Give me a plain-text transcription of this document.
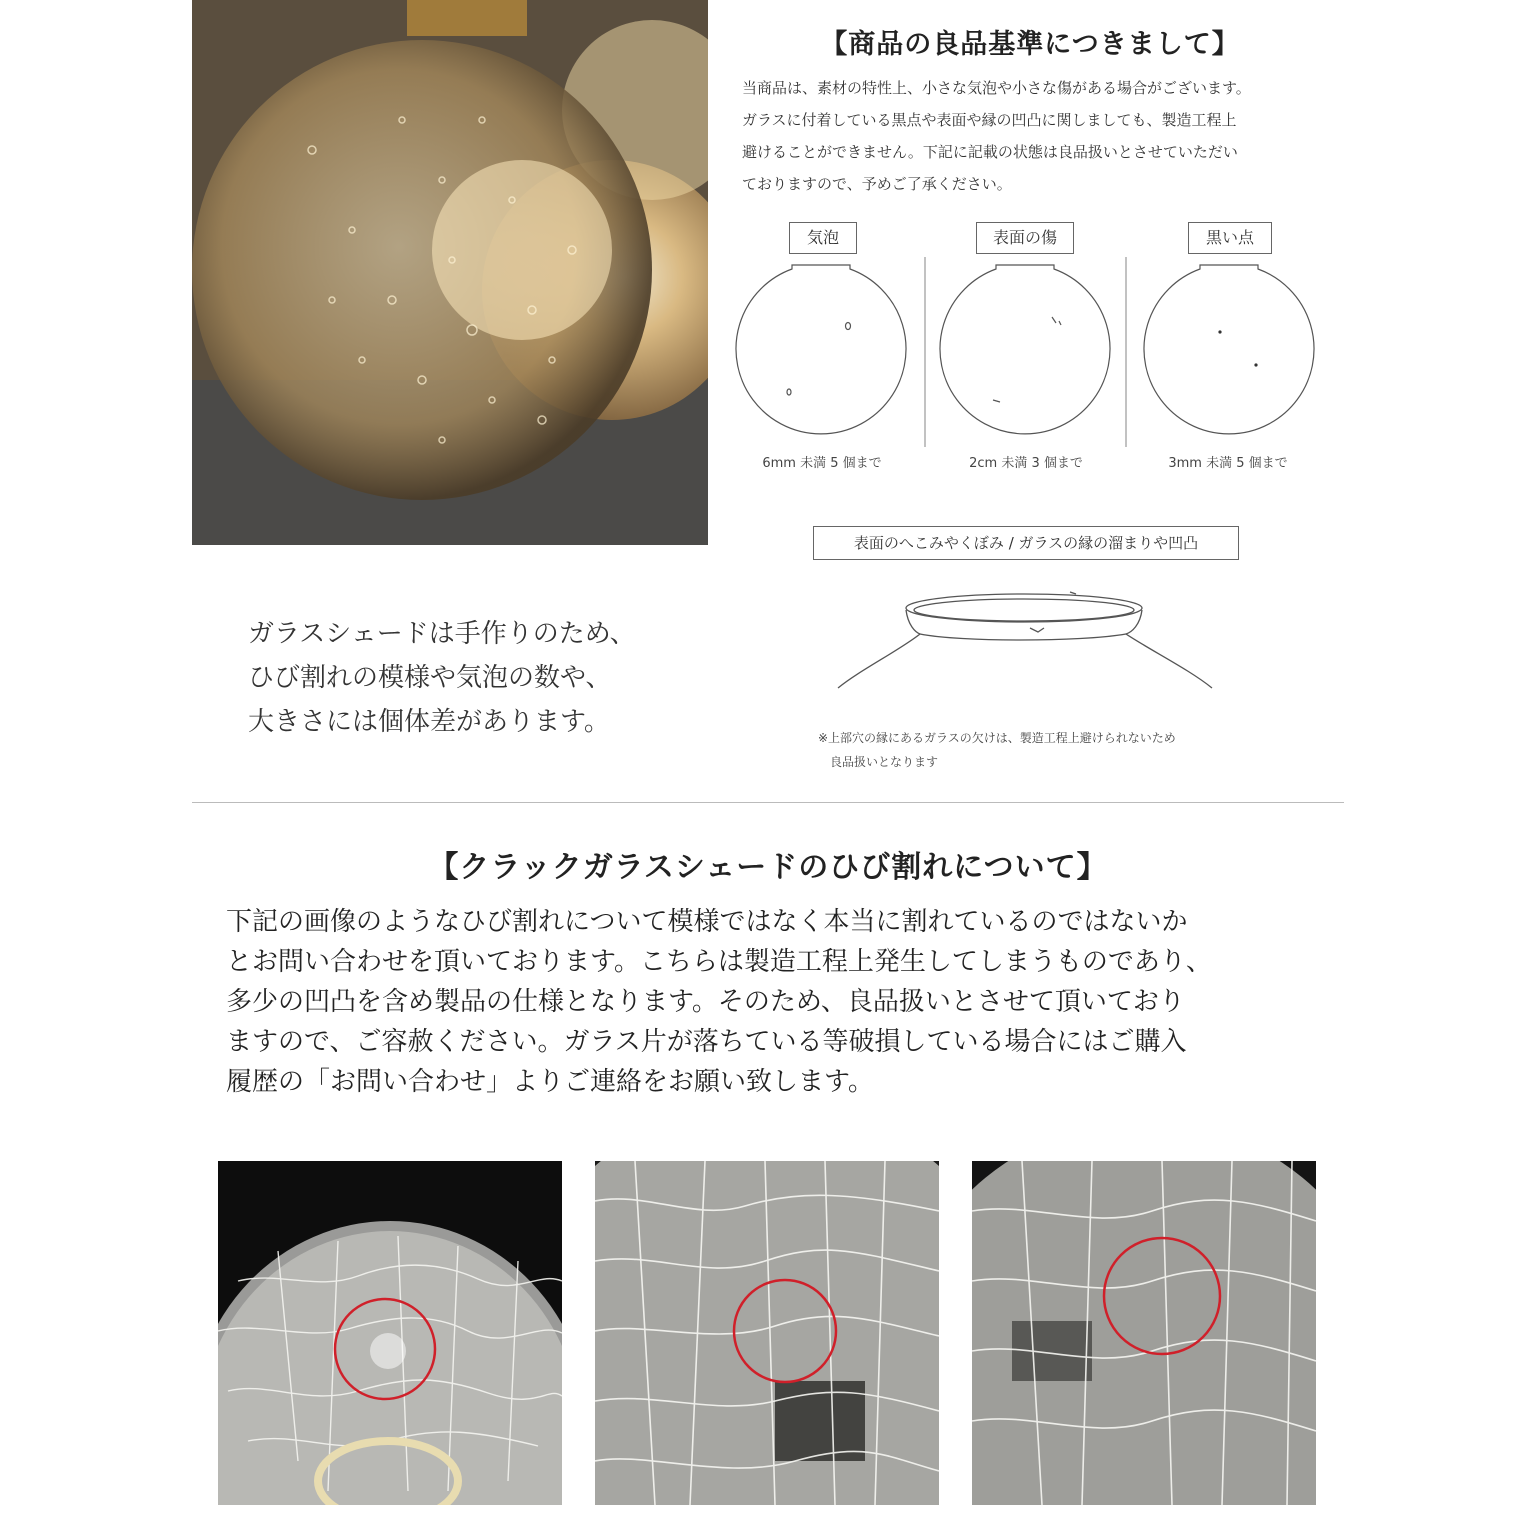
【商品の良品基準につきまして】

当商品は、素材の特性上、小さな気泡や小さな傷がある場合がございます。

ガラスに付着している黒点や表面や縁の凹凸に関しましても、製造工程上

避けることができません。下記に記載の状態は良品扱いとさせていただい

ておりますので、予めご了承ください。

気泡	表面の傷	黒い点
6mm 未満 5 個まで	2cm 未満 3 個まで	3mm 未満 5 個まで
表面のへこみやくぼみ / ガラスの縁の溜まりや凹凸

※上部穴の縁にあるガラスの欠けは、製造工程上避けられないため

良品扱いとなります

ガラスシェードは手作りのため、

ひび割れの模様や気泡の数や、

大きさには個体差があります。

【クラックガラスシェードのひび割れについて】

下記の画像のようなひび割れについて模様ではなく本当に割れているのではないか

とお問い合わせを頂いております。こちらは製造工程上発生してしまうものであり、

多少の凹凸を含め製品の仕様となります。そのため、良品扱いとさせて頂いており

ますので、ご容赦ください。ガラス片が落ちている等破損している場合にはご購入

履歴の「お問い合わせ」よりご連絡をお願い致します。
